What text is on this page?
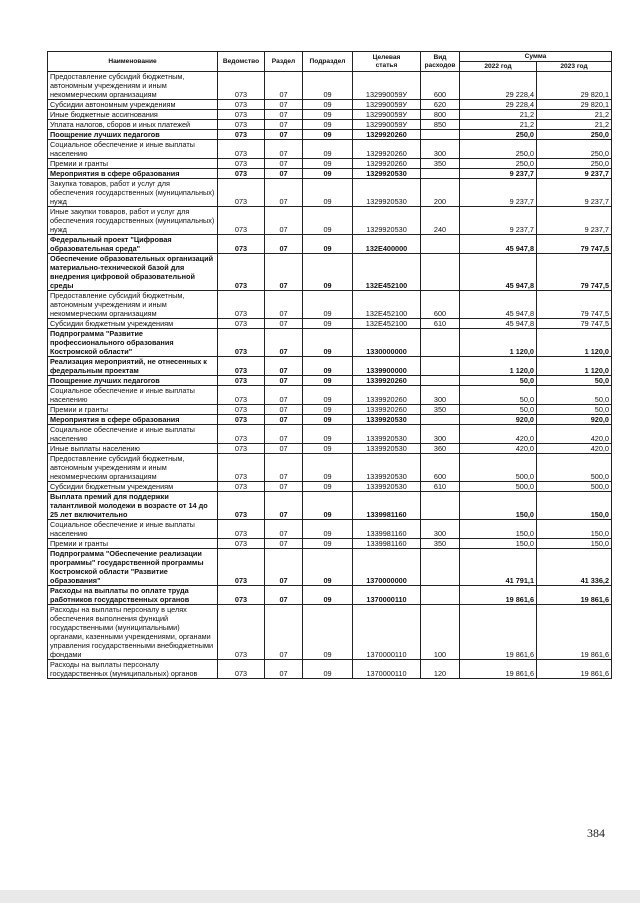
Наименование	Ведомство	Раздел	Подраздел	Целевая
статья	Вид
расходов	Сумма	
						2022 год	2023 год
Предоставление субсидий бюджетным, автономным учреждениям и иным некоммерческим организациям	073	07	09	132990059У	600	29 228,4	29 820,1
Субсидии автономным учреждениям	073	07	09	132990059У	620	29 228,4	29 820,1
Иные бюджетные ассигнования	073	07	09	132990059У	800	21,2	21,2
Уплата налогов, сборов и иных платежей	073	07	09	132990059У	850	21,2	21,2
Поощрение лучших педагогов	073	07	09	1329920260		250,0	250,0
Социальное обеспечение и иные выплаты населению	073	07	09	1329920260	300	250,0	250,0
Премии и гранты	073	07	09	1329920260	350	250,0	250,0
Мероприятия в сфере образования	073	07	09	1329920530		9 237,7	9 237,7
Закупка товаров, работ и услуг для обеспечения государственных (муниципальных) нужд	073	07	09	1329920530	200	9 237,7	9 237,7
Иные закупки товаров, работ и услуг для обеспечения государственных (муниципальных) нужд	073	07	09	1329920530	240	9 237,7	9 237,7
Федеральный проект "Цифровая образовательная среда"	073	07	09	132E400000		45 947,8	79 747,5
Обеспечение образовательных организаций материально-технической базой для внедрения цифровой образовательной среды	073	07	09	132E452100		45 947,8	79 747,5
Предоставление субсидий бюджетным, автономным учреждениям и иным некоммерческим организациям	073	07	09	132E452100	600	45 947,8	79 747,5
Субсидии бюджетным учреждениям	073	07	09	132E452100	610	45 947,8	79 747,5
Подпрограмма "Развитие профессионального образования Костромской области"	073	07	09	1330000000		1 120,0	1 120,0
Реализация мероприятий, не отнесенных к федеральным проектам	073	07	09	1339900000		1 120,0	1 120,0
Поощрение лучших педагогов	073	07	09	1339920260		50,0	50,0
Социальное обеспечение и иные выплаты населению	073	07	09	1339920260	300	50,0	50,0
Премии и гранты	073	07	09	1339920260	350	50,0	50,0
Мероприятия в сфере образования	073	07	09	1339920530		920,0	920,0
Социальное обеспечение и иные выплаты населению	073	07	09	1339920530	300	420,0	420,0
Иные выплаты населению	073	07	09	1339920530	360	420,0	420,0
Предоставление субсидий бюджетным, автономным учреждениям и иным некоммерческим организациям	073	07	09	1339920530	600	500,0	500,0
Субсидии бюджетным учреждениям	073	07	09	1339920530	610	500,0	500,0
Выплата премий для поддержки талантливой молодежи в возрасте от 14 до 25 лет включительно	073	07	09	1339981160		150,0	150,0
Социальное обеспечение и иные выплаты населению	073	07	09	1339981160	300	150,0	150,0
Премии и гранты	073	07	09	1339981160	350	150,0	150,0
Подпрограмма "Обеспечение реализации программы" государственной программы Костромской области "Развитие образования"	073	07	09	1370000000		41 791,1	41 336,2
Расходы на выплаты по оплате труда работников государственных органов	073	07	09	1370000110		19 861,6	19 861,6
Расходы на выплаты персоналу в целях обеспечения выполнения функций государственными (муниципальными) органами, казенными учреждениями, органами управления государственными внебюджетными фондами	073	07	09	1370000110	100	19 861,6	19 861,6
Расходы на выплаты персоналу государственных (муниципальных) органов	073	07	09	1370000110	120	19 861,6	19 861,6
384
